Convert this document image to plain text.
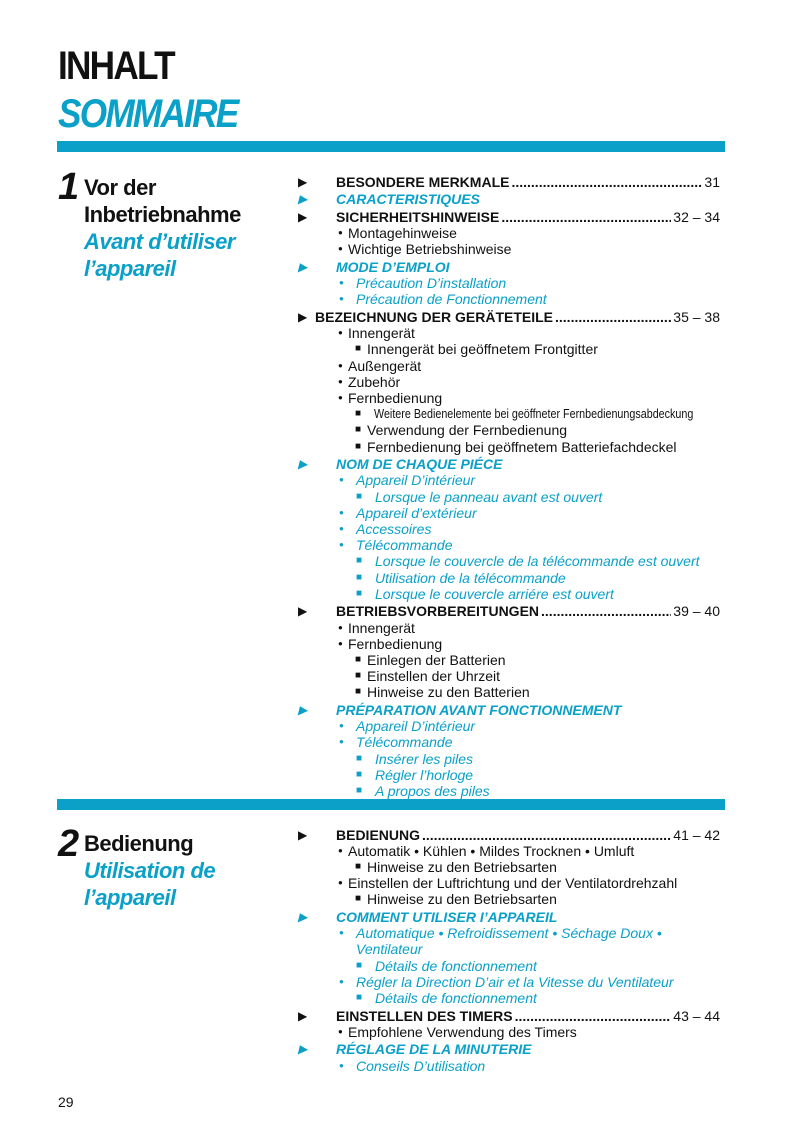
INHALT
SOMMAIRE
1 Vor der
Inbetriebnahme
Avant d’utiliser
l’appareil
▶ BESONDERE MERKMALE .....	31
▶ CARACTERISTIQUES
▶ SICHERHEITSHINWEISE .....	32 – 34
● Montagehinweise
● Wichtige Betriebshinweise
▶ MODE D’EMPLOI
● Précaution D’installation
● Précaution de Fonctionnement
▶ BEZEICHNUNG DER GERÄTETEILE .....	35 – 38
● Innengerät
■ Innengerät bei geöffnetem Frontgitter
● Außengerät
● Zubehör
● Fernbedienung
■ Weitere Bedienelemente bei geöffneter Fernbedienungsabdeckung
■ Verwendung der Fernbedienung
■ Fernbedienung bei geöffnetem Batteriefachdeckel
▶ NOM DE CHAQUE PIÉCE
● Appareil D’intérieur
■ Lorsque le panneau avant est ouvert
● Appareil d’extérieur
● Accessoires
● Télécommande
■ Lorsque le couvercle de la télécommande est ouvert
■ Utilisation de la télécommande
■ Lorsque le couvercle arriére est ouvert
▶ BETRIEBSVORBEREITUNGEN .....	39 – 40
● Innengerät
● Fernbedienung
■ Einlegen der Batterien
■ Einstellen der Uhrzeit
■ Hinweise zu den Batterien
▶ PRÉPARATION AVANT FONCTIONNEMENT
● Appareil D’intérieur
● Télécommande
■ Insérer les piles
■ Régler l’horloge
■ A propos des piles
2 Bedienung
Utilisation de
l’appareil
▶ BEDIENUNG .....	41 – 42
● Automatik • Kühlen • Mildes Trocknen • Umluft
■ Hinweise zu den Betriebsarten
● Einstellen der Luftrichtung und der Ventilatordrehzahl
■ Hinweise zu den Betriebsarten
▶ COMMENT UTILISER I’APPAREIL
● Automatique • Refroidissement • Séchage Doux •
Ventilateur
■ Détails de fonctionnement
● Régler la Direction D’air et la Vitesse du Ventilateur
■ Détails de fonctionnement
▶ EINSTELLEN DES TIMERS .....	43 – 44
● Empfohlene Verwendung des Timers
▶ RÉGLAGE DE LA MINUTERIE
● Conseils D’utilisation
29
